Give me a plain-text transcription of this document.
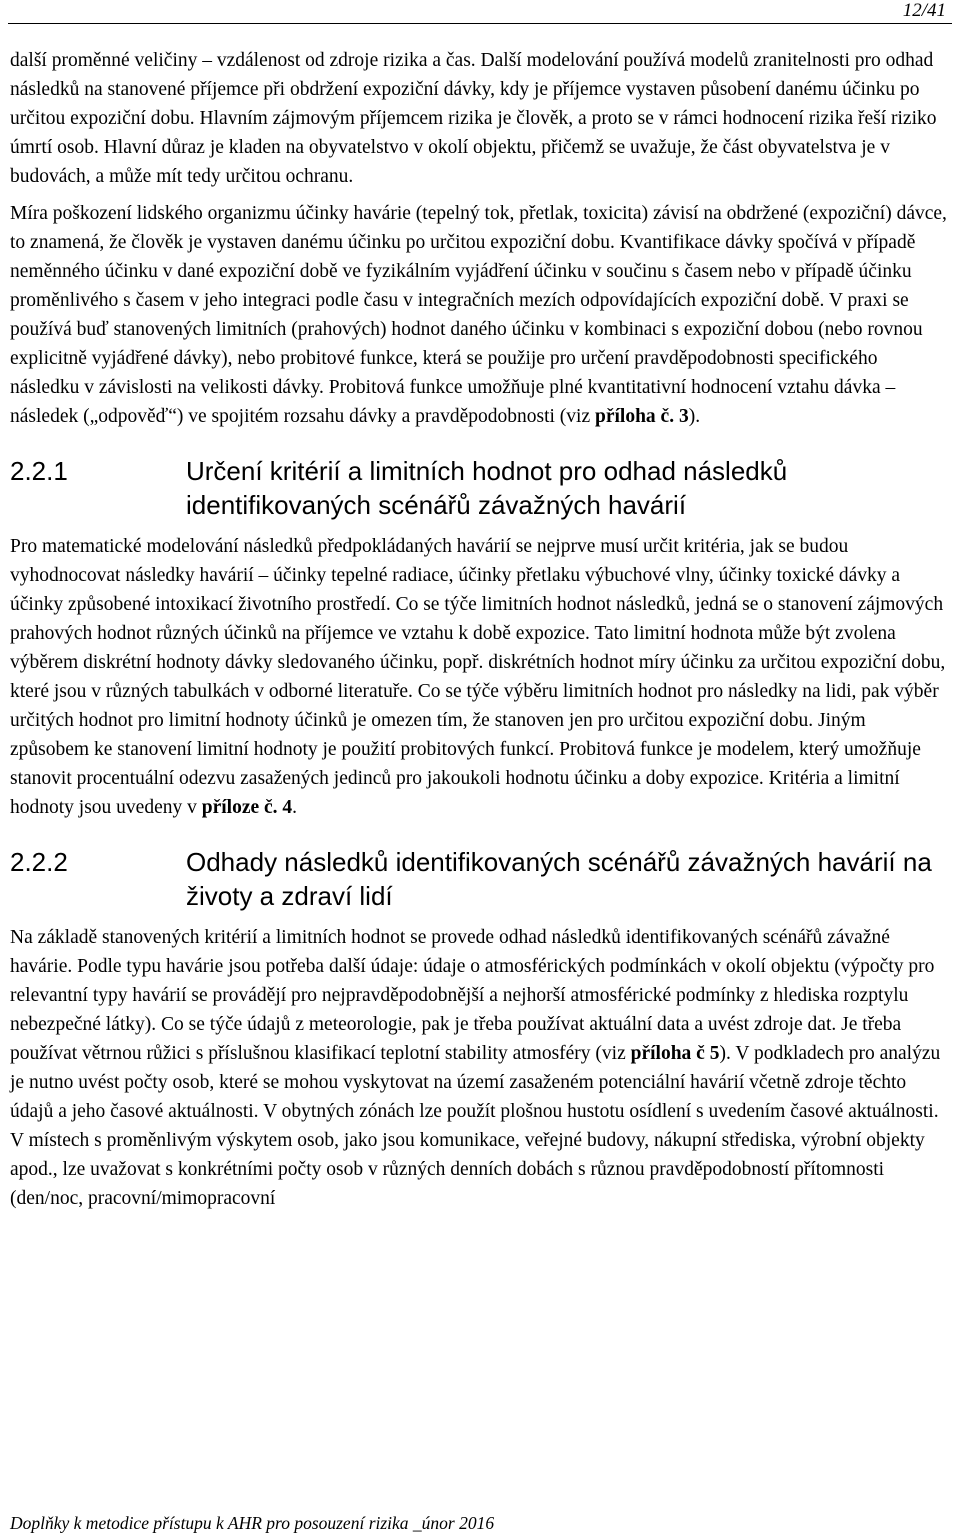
12/41

další proměnné veličiny – vzdálenost od zdroje rizika a čas. Další modelování používá modelů zranitelnosti pro odhad následků na stanovené příjemce při obdržení expoziční dávky, kdy je příjemce vystaven působení danému účinku po určitou expoziční dobu. Hlavním zájmovým příjemcem rizika je člověk, a proto se v rámci hodnocení rizika řeší riziko úmrtí osob. Hlavní důraz je kladen na obyvatelstvo v okolí objektu, přičemž se uvažuje, že část obyvatelstva je v budovách, a může mít tedy určitou ochranu.

Míra poškození lidského organizmu účinky havárie (tepelný tok, přetlak, toxicita) závisí na obdržené (expoziční) dávce, to znamená, že člověk je vystaven danému účinku po určitou expoziční dobu. Kvantifikace dávky spočívá v případě neměnného účinku v dané expoziční době ve fyzikálním vyjádření účinku v součinu s časem nebo v případě účinku proměnlivého s časem v jeho integraci podle času v integračních mezích odpovídajících expoziční době. V praxi se používá buď stanovených limitních (prahových) hodnot daného účinku v kombinaci s expoziční dobou (nebo rovnou explicitně vyjádřené dávky), nebo probitové funkce, která se použije pro určení pravděpodobnosti specifického následku v závislosti na velikosti dávky. Probitová funkce umožňuje plné kvantitativní hodnocení vztahu dávka – následek („odpověď“) ve spojitém rozsahu dávky a pravděpodobnosti (viz příloha č. 3).

2.2.1	Určení kritérií a limitních hodnot pro odhad následků identifikovaných scénářů závažných havárií

Pro matematické modelování následků předpokládaných havárií se nejprve musí určit kritéria, jak se budou vyhodnocovat následky havárií – účinky tepelné radiace, účinky přetlaku výbuchové vlny, účinky toxické dávky a účinky způsobené intoxikací životního prostředí. Co se týče limitních hodnot následků, jedná se o stanovení zájmových prahových hodnot různých účinků na příjemce ve vztahu k době expozice. Tato limitní hodnota může být zvolena výběrem diskrétní hodnoty dávky sledovaného účinku, popř. diskrétních hodnot míry účinku za určitou expoziční dobu, které jsou v různých tabulkách v odborné literatuře. Co se týče výběru limitních hodnot pro následky na lidi, pak výběr určitých hodnot pro limitní hodnoty účinků je omezen tím, že stanoven jen pro určitou expoziční dobu. Jiným způsobem ke stanovení limitní hodnoty je použití probitových funkcí. Probitová funkce je modelem, který umožňuje stanovit procentuální odezvu zasažených jedinců pro jakoukoli hodnotu účinku a doby expozice. Kritéria a limitní hodnoty jsou uvedeny v příloze č. 4.

2.2.2	Odhady následků identifikovaných scénářů závažných havárií na životy a zdraví lidí

Na základě stanovených kritérií a limitních hodnot se provede odhad následků identifikovaných scénářů závažné havárie. Podle typu havárie jsou potřeba další údaje: údaje o atmosférických podmínkách v okolí objektu (výpočty pro relevantní typy havárií se provádějí pro nejpravděpodobnější a nejhorší atmosférické podmínky z hlediska rozptylu nebezpečné látky). Co se týče údajů z meteorologie, pak je třeba používat aktuální data a uvést zdroje dat. Je třeba používat větrnou růžici s příslušnou klasifikací teplotní stability atmosféry (viz příloha č 5). V podkladech pro analýzu je nutno uvést počty osob, které se mohou vyskytovat na území zasaženém potenciální havárií včetně zdroje těchto údajů a jeho časové aktuálnosti. V obytných zónách lze použít plošnou hustotu osídlení s uvedením časové aktuálnosti. V místech s proměnlivým výskytem osob, jako jsou komunikace, veřejné budovy, nákupní střediska, výrobní objekty apod., lze uvažovat s konkrétními počty osob v různých denních dobách s různou pravděpodobností přítomnosti (den/noc, pracovní/mimopracovní

Doplňky k metodice přístupu k AHR pro posouzení rizika _únor 2016
